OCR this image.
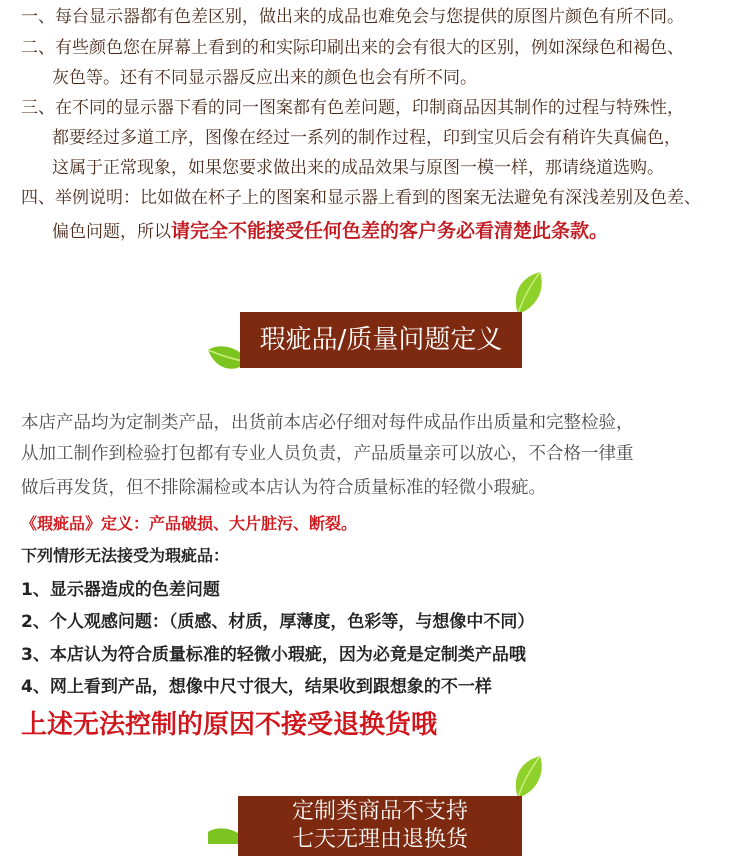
一、每台显示器都有色差区别，做出来的成品也难免会与您提供的原图片颜色有所不同。
二、有些颜色您在屏幕上看到的和实际印刷出来的会有很大的区别，例如深绿色和褐色、
灰色等。还有不同显示器反应出来的颜色也会有所不同。
三、在不同的显示器下看的同一图案都有色差问题，印制商品因其制作的过程与特殊性，
都要经过多道工序，图像在经过一系列的制作过程，印到宝贝后会有稍许失真偏色，
这属于正常现象，如果您要求做出来的成品效果与原图一模一样，那请绕道选购。
四、举例说明：比如做在杯子上的图案和显示器上看到的图案无法避免有深浅差别及色差、
偏色问题，所以请完全不能接受任何色差的客户务必看清楚此条款。
瑕疵品/质量问题定义
本店产品均为定制类产品，出货前本店必仔细对每件成品作出质量和完整检验，
从加工制作到检验打包都有专业人员负责，产品质量亲可以放心，不合格一律重
做后再发货，但不排除漏检或本店认为符合质量标准的轻微小瑕疵。
《瑕疵品》定义：产品破损、大片脏污、断裂。
下列情形无法接受为瑕疵品：
1、显示器造成的色差问题
2、个人观感问题：（质感、材质，厚薄度，色彩等，与想像中不同）
3、本店认为符合质量标准的轻微小瑕疵，因为必竟是定制类产品哦
4、网上看到产品，想像中尺寸很大，结果收到跟想象的不一样
上述无法控制的原因不接受退换货哦
定制类商品不支持
七天无理由退换货
